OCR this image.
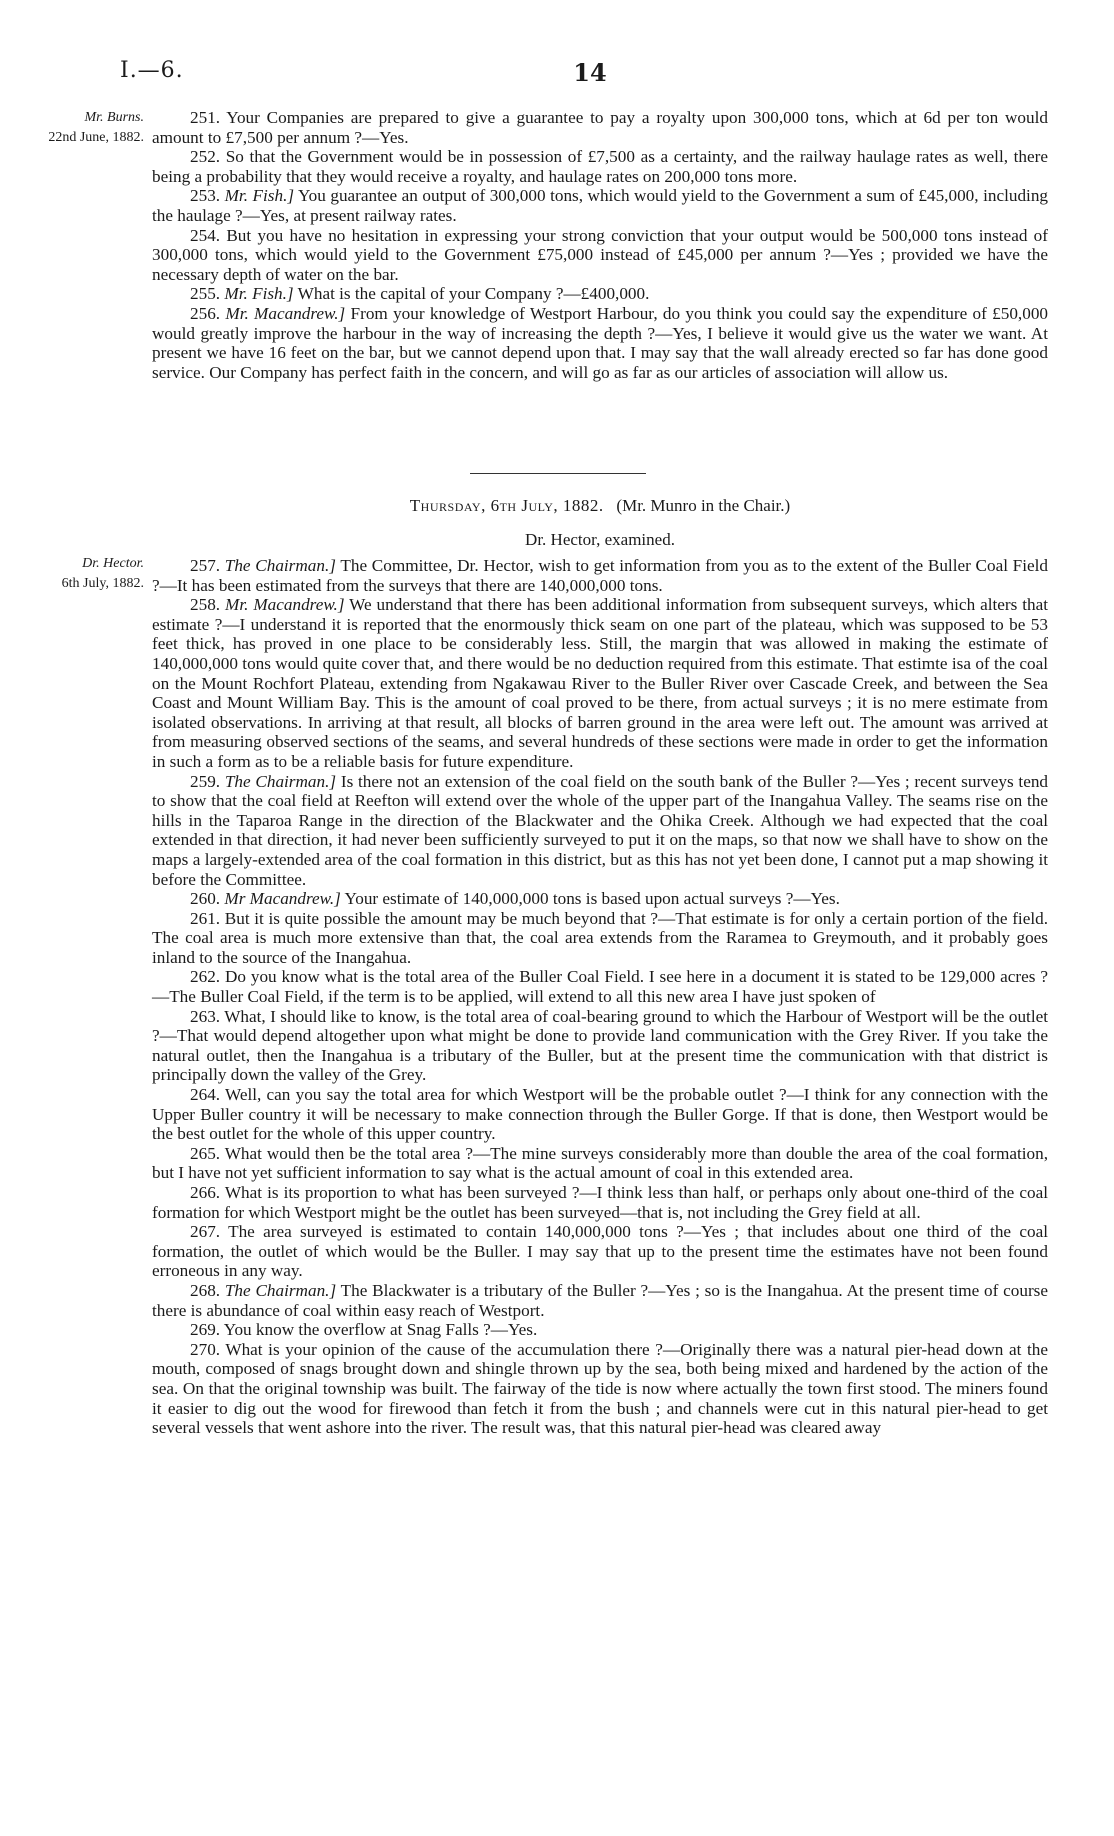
I.—6.	14
Mr. Burns.
22nd June, 1882.

251. Your Companies are prepared to give a guarantee to pay a royalty upon 300,000 tons, which at 6d per ton would amount to £7,500 per annum ?—Yes.

252. So that the Government would be in possession of £7,500 as a certainty, and the railway haulage rates as well, there being a probability that they would receive a royalty, and haulage rates on 200,000 tons more.

253. Mr. Fish.] You guarantee an output of 300,000 tons, which would yield to the Government a sum of £45,000, including the haulage ?—Yes, at present railway rates.

254. But you have no hesitation in expressing your strong conviction that your output would be 500,000 tons instead of 300,000 tons, which would yield to the Government £75,000 instead of £45,000 per annum ?—Yes ; provided we have the necessary depth of water on the bar.

255. Mr. Fish.] What is the capital of your Company ?—£400,000.

256. Mr. Macandrew.] From your knowledge of Westport Harbour, do you think you could say the expenditure of £50,000 would greatly improve the harbour in the way of increasing the depth ?—Yes, I believe it would give us the water we want. At present we have 16 feet on the bar, but we cannot depend upon that. I may say that the wall already erected so far has done good service. Our Company has perfect faith in the concern, and will go as far as our articles of association will allow us.

Thursday, 6th July, 1882. (Mr. Munro in the Chair.)
Dr. Hector, examined.
Dr. Hector.
6th July, 1882.

257. The Chairman.] The Committee, Dr. Hector, wish to get information from you as to the extent of the Buller Coal Field ?—It has been estimated from the surveys that there are 140,000,000 tons.

258. Mr. Macandrew.] We understand that there has been additional information from subsequent surveys, which alters that estimate ?—I understand it is reported that the enormously thick seam on one part of the plateau, which was supposed to be 53 feet thick, has proved in one place to be considerably less. Still, the margin that was allowed in making the estimate of 140,000,000 tons would quite cover that, and there would be no deduction required from this estimate. That estimte isa of the coal on the Mount Rochfort Plateau, extending from Ngakawau River to the Buller River over Cascade Creek, and between the Sea Coast and Mount William Bay. This is the amount of coal proved to be there, from actual surveys ; it is no mere estimate from isolated observations. In arriving at that result, all blocks of barren ground in the area were left out. The amount was arrived at from measuring observed sections of the seams, and several hundreds of these sections were made in order to get the information in such a form as to be a reliable basis for future expenditure.

259. The Chairman.] Is there not an extension of the coal field on the south bank of the Buller ?—Yes ; recent surveys tend to show that the coal field at Reefton will extend over the whole of the upper part of the Inangahua Valley. The seams rise on the hills in the Taparoa Range in the direction of the Blackwater and the Ohika Creek. Although we had expected that the coal extended in that direction, it had never been sufficiently surveyed to put it on the maps, so that now we shall have to show on the maps a largely-extended area of the coal formation in this district, but as this has not yet been done, I cannot put a map showing it before the Committee.

260. Mr Macandrew.] Your estimate of 140,000,000 tons is based upon actual surveys ?—Yes.

261. But it is quite possible the amount may be much beyond that ?—That estimate is for only a certain portion of the field. The coal area is much more extensive than that, the coal area extends from the Raramea to Greymouth, and it probably goes inland to the source of the Inangahua.

262. Do you know what is the total area of the Buller Coal Field. I see here in a document it is stated to be 129,000 acres ?—The Buller Coal Field, if the term is to be applied, will extend to all this new area I have just spoken of

263. What, I should like to know, is the total area of coal-bearing ground to which the Harbour of Westport will be the outlet ?—That would depend altogether upon what might be done to provide land communication with the Grey River. If you take the natural outlet, then the Inangahua is a tributary of the Buller, but at the present time the communication with that district is principally down the valley of the Grey.

264. Well, can you say the total area for which Westport will be the probable outlet ?—I think for any connection with the Upper Buller country it will be necessary to make connection through the Buller Gorge. If that is done, then Westport would be the best outlet for the whole of this upper country.

265. What would then be the total area ?—The mine surveys considerably more than double the area of the coal formation, but I have not yet sufficient information to say what is the actual amount of coal in this extended area.

266. What is its proportion to what has been surveyed ?—I think less than half, or perhaps only about one-third of the coal formation for which Westport might be the outlet has been surveyed—that is, not including the Grey field at all.

267. The area surveyed is estimated to contain 140,000,000 tons ?—Yes ; that includes about one third of the coal formation, the outlet of which would be the Buller. I may say that up to the present time the estimates have not been found erroneous in any way.

268. The Chairman.] The Blackwater is a tributary of the Buller ?—Yes ; so is the Inangahua. At the present time of course there is abundance of coal within easy reach of Westport.

269. You know the overflow at Snag Falls ?—Yes.

270. What is your opinion of the cause of the accumulation there ?—Originally there was a natural pier-head down at the mouth, composed of snags brought down and shingle thrown up by the sea, both being mixed and hardened by the action of the sea. On that the original township was built. The fairway of the tide is now where actually the town first stood. The miners found it easier to dig out the wood for firewood than fetch it from the bush ; and channels were cut in this natural pier-head to get several vessels that went ashore into the river. The result was, that this natural pier-head was cleared away
